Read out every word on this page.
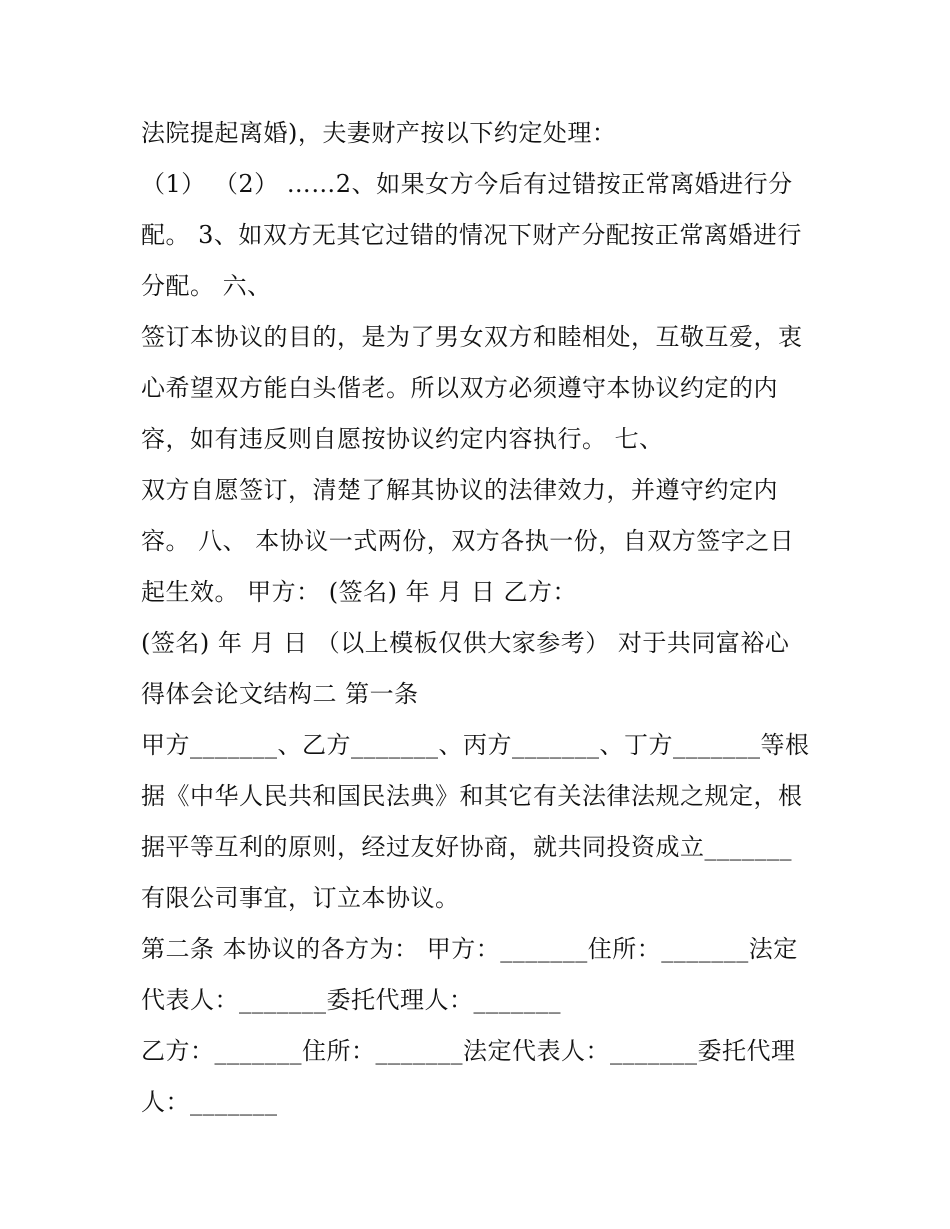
法院提起离婚)，夫妻财产按以下约定处理：
（1） （2） ……2、如果女方今后有过错按正常离婚进行分
配。 3、如双方无其它过错的情况下财产分配按正常离婚进行
分配。 六、
签订本协议的目的，是为了男女双方和睦相处，互敬互爱，衷
心希望双方能白头偕老。所以双方必须遵守本协议约定的内
容，如有违反则自愿按协议约定内容执行。 七、
双方自愿签订，清楚了解其协议的法律效力，并遵守约定内
容。 八、 本协议一式两份，双方各执一份，自双方签字之日
起生效。 甲方： (签名) 年 月 日 乙方：
(签名) 年 月 日 （以上模板仅供大家参考） 对于共同富裕心
得体会论文结构二 第一条
甲方_______、乙方_______、丙方_______、丁方_______等根
据《中华人民共和国民法典》和其它有关法律法规之规定，根
据平等互利的原则，经过友好协商，就共同投资成立_______
有限公司事宜，订立本协议。
第二条 本协议的各方为： 甲方：_______住所：_______法定
代表人：_______委托代理人：_______
乙方：_______住所：_______法定代表人：_______委托代理
人：_______
